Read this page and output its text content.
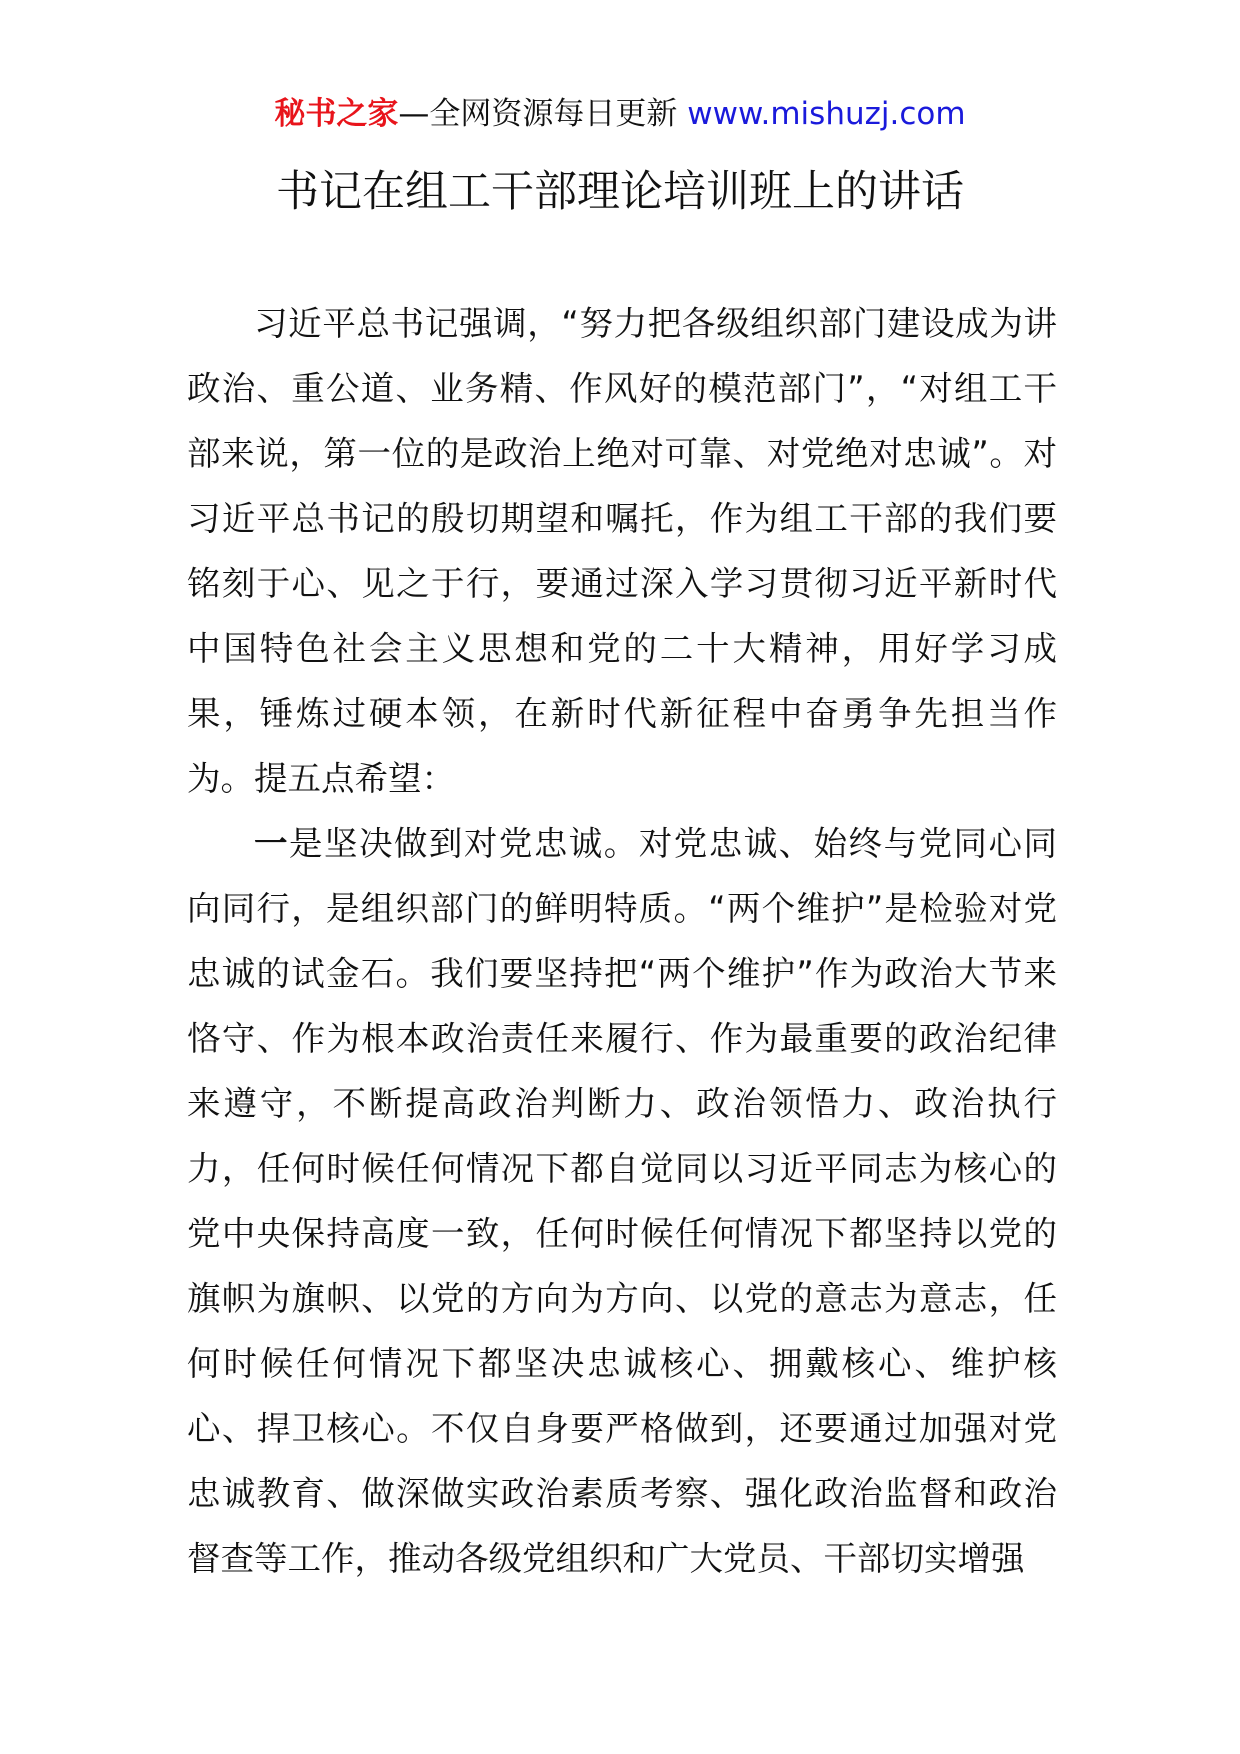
秘书之家—全网资源每日更新 www.mishuzj.com
书记在组工干部理论培训班上的讲话

习近平总书记强调，“努力把各级组织部门建设成为讲政治、重公道、业务精、作风好的模范部门”，“对组工干部来说，第一位的是政治上绝对可靠、对党绝对忠诚”。对习近平总书记的殷切期望和嘱托，作为组工干部的我们要铭刻于心、见之于行，要通过深入学习贯彻习近平新时代中国特色社会主义思想和党的二十大精神，用好学习成果，锤炼过硬本领，在新时代新征程中奋勇争先担当作为。提五点希望：

一是坚决做到对党忠诚。对党忠诚、始终与党同心同向同行，是组织部门的鲜明特质。“两个维护”是检验对党忠诚的试金石。我们要坚持把“两个维护”作为政治大节来恪守、作为根本政治责任来履行、作为最重要的政治纪律来遵守，不断提高政治判断力、政治领悟力、政治执行力，任何时候任何情况下都自觉同以习近平同志为核心的党中央保持高度一致，任何时候任何情况下都坚持以党的旗帜为旗帜、以党的方向为方向、以党的意志为意志，任何时候任何情况下都坚决忠诚核心、拥戴核心、维护核心、捍卫核心。不仅自身要严格做到，还要通过加强对党忠诚教育、做深做实政治素质考察、强化政治监督和政治督查等工作，推动各级党组织和广大党员、干部切实增强
